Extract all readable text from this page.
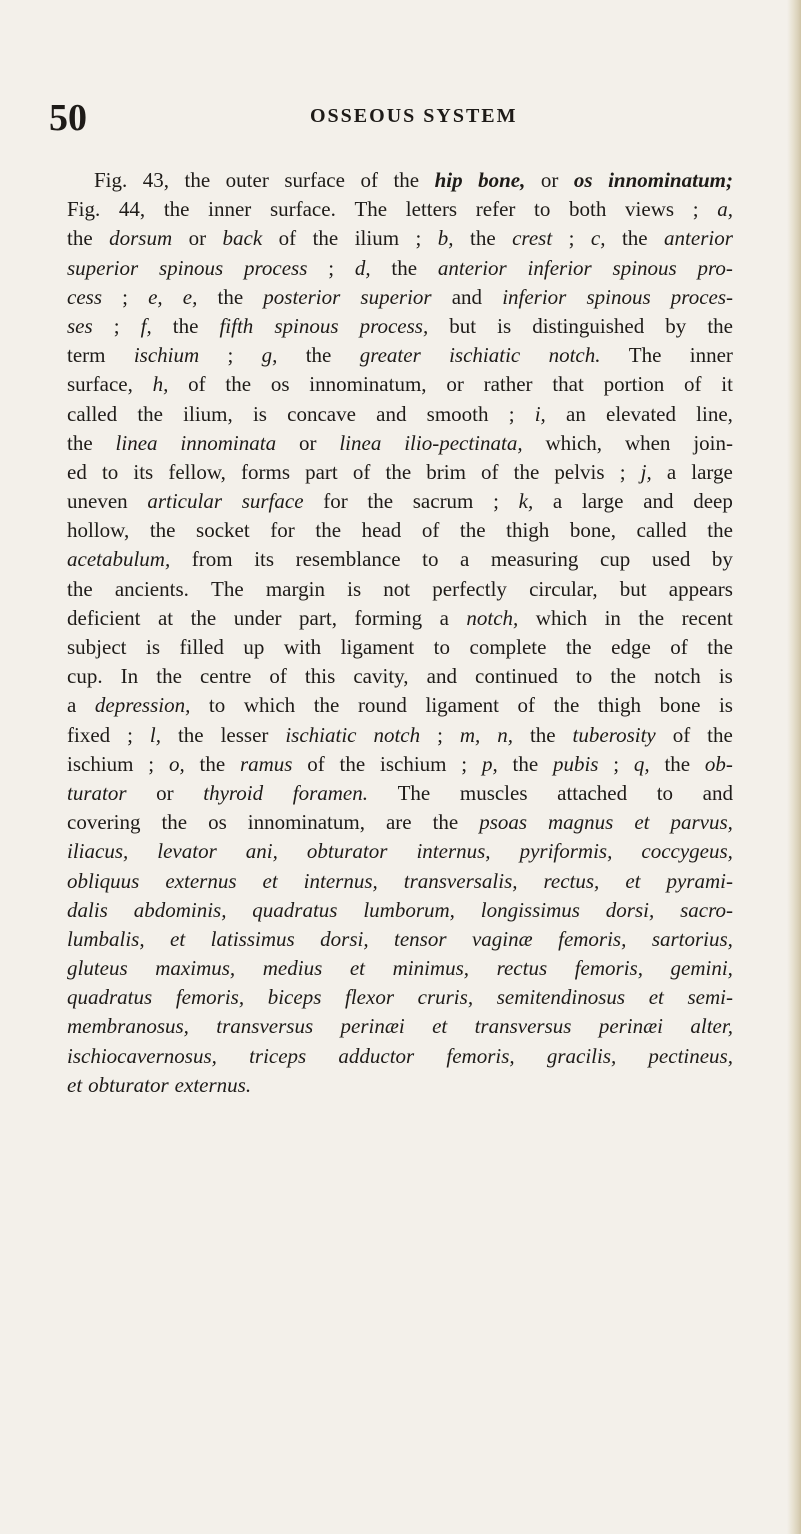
50	OSSEOUS SYSTEM
Fig. 43, the outer surface of the hip bone, or os innominatum;
Fig. 44, the inner surface. The letters refer to both views ; a,
the dorsum or back of the ilium ; b, the crest ; c, the anterior
superior spinous process ; d, the anterior inferior spinous pro-
cess ; e, e, the posterior superior and inferior spinous proces-
ses ; f, the fifth spinous process, but is distinguished by the
term ischium ; g, the greater ischiatic notch. The inner
surface, h, of the os innominatum, or rather that portion of it
called the ilium, is concave and smooth ; i, an elevated line,
the linea innominata or linea ilio-pectinata, which, when join-
ed to its fellow, forms part of the brim of the pelvis ; j, a large
uneven articular surface for the sacrum ; k, a large and deep
hollow, the socket for the head of the thigh bone, called the
acetabulum, from its resemblance to a measuring cup used by
the ancients. The margin is not perfectly circular, but appears
deficient at the under part, forming a notch, which in the recent
subject is filled up with ligament to complete the edge of the
cup. In the centre of this cavity, and continued to the notch is
a depression, to which the round ligament of the thigh bone is
fixed ; l, the lesser ischiatic notch ; m, n, the tuberosity of the
ischium ; o, the ramus of the ischium ; p, the pubis ; q, the ob-
turator or thyroid foramen. The muscles attached to and
covering the os innominatum, are the psoas magnus et parvus,
iliacus, levator ani, obturator internus, pyriformis, coccygeus,
obliquus externus et internus, transversalis, rectus, et pyrami-
dalis abdominis, quadratus lumborum, longissimus dorsi, sacro-
lumbalis, et latissimus dorsi, tensor vaginæ femoris, sartorius,
gluteus maximus, medius et minimus, rectus femoris, gemini,
quadratus femoris, biceps flexor cruris, semitendinosus et semi-
membranosus, transversus perinæi et transversus perinæi alter,
ischiocavernosus, triceps adductor femoris, gracilis, pectineus,
et obturator externus.
